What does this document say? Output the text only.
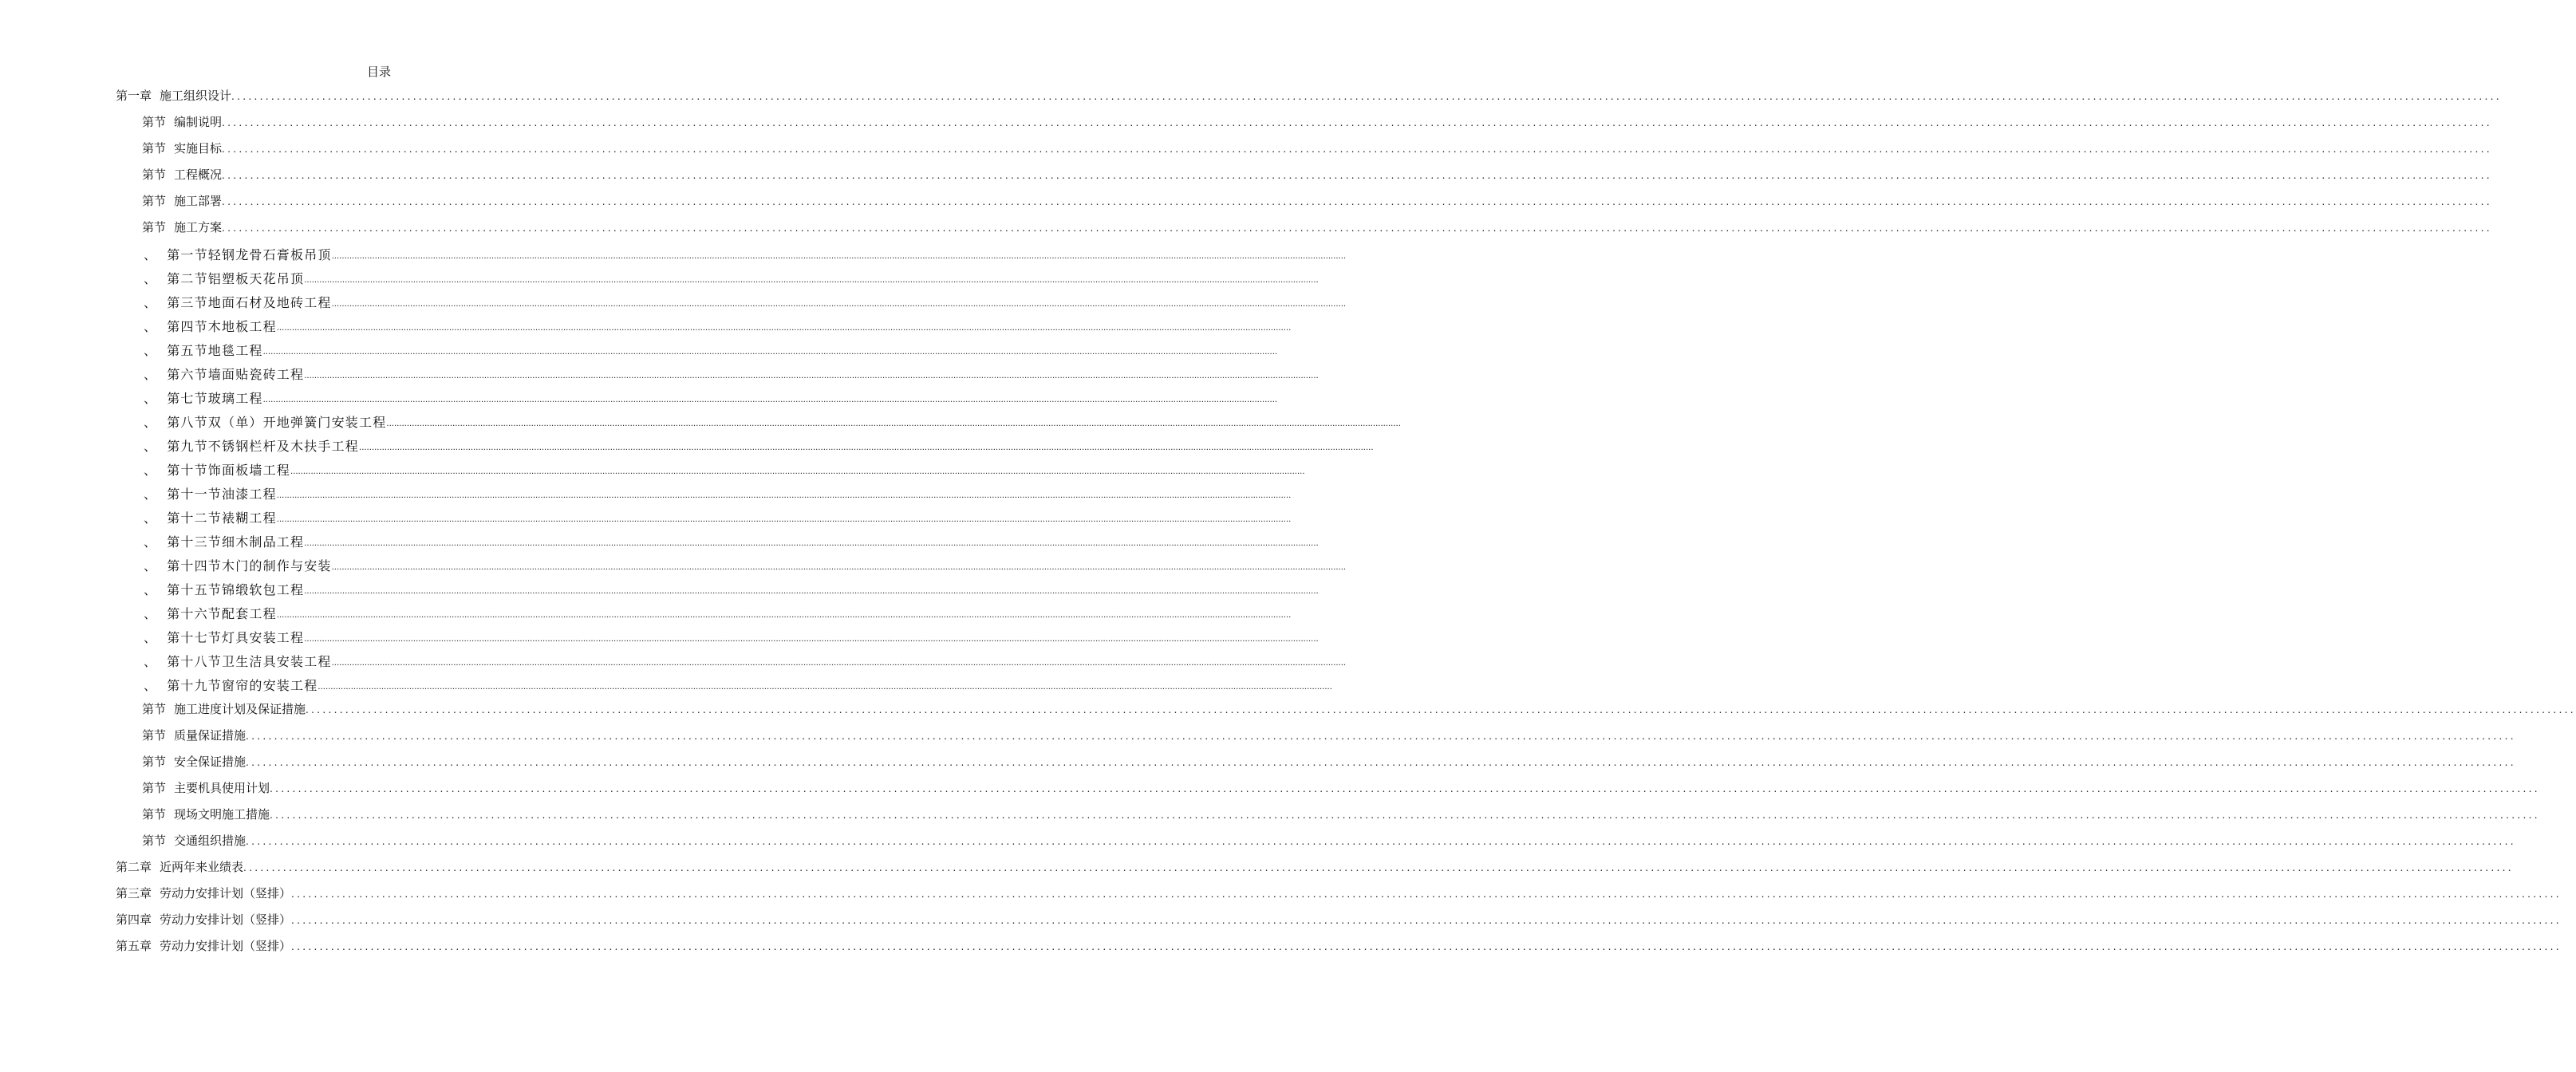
目录
第一章 施工组织设计 ................................................................................................................................................................................................................................................................................................................................................................................................................
第节 编制说明 ................................................................................................................................................................................................................................................................................................................................................................................................................
第节 实施目标 ................................................................................................................................................................................................................................................................................................................................................................................................................
第节 工程概况 ................................................................................................................................................................................................................................................................................................................................................................................................................
第节 施工部署 ................................................................................................................................................................................................................................................................................................................................................................................................................
第节 施工方案 ................................................................................................................................................................................................................................................................................................................................................................................................................
、 第一节轻钢龙骨石膏板吊顶 ................................................................................................................................................................................................................................................................................................................................................................................................................
、 第二节铝塑板天花吊顶 ................................................................................................................................................................................................................................................................................................................................................................................................................
、 第三节地面石材及地砖工程 ................................................................................................................................................................................................................................................................................................................................................................................................................
、 第四节木地板工程 ................................................................................................................................................................................................................................................................................................................................................................................................................
、 第五节地毯工程 ................................................................................................................................................................................................................................................................................................................................................................................................................
、 第六节墙面贴瓷砖工程 ................................................................................................................................................................................................................................................................................................................................................................................................................
、 第七节玻璃工程 ................................................................................................................................................................................................................................................................................................................................................................................................................
、 第八节双（单）开地弹簧门安装工程 ................................................................................................................................................................................................................................................................................................................................................................................................................
、 第九节不锈钢栏杆及木扶手工程 ................................................................................................................................................................................................................................................................................................................................................................................................................
、 第十节饰面板墙工程 ................................................................................................................................................................................................................................................................................................................................................................................................................
、 第十一节油漆工程 ................................................................................................................................................................................................................................................................................................................................................................................................................
、 第十二节裱糊工程 ................................................................................................................................................................................................................................................................................................................................................................................................................
、 第十三节细木制品工程 ................................................................................................................................................................................................................................................................................................................................................................................................................
、 第十四节木门的制作与安装 ................................................................................................................................................................................................................................................................................................................................................................................................................
、 第十五节锦缎软包工程 ................................................................................................................................................................................................................................................................................................................................................................................................................
、 第十六节配套工程 ................................................................................................................................................................................................................................................................................................................................................................................................................
、 第十七节灯具安装工程 ................................................................................................................................................................................................................................................................................................................................................................................................................
、 第十八节卫生洁具安装工程 ................................................................................................................................................................................................................................................................................................................................................................................................................
、 第十九节窗帘的安装工程 ................................................................................................................................................................................................................................................................................................................................................................................................................
第节 施工进度计划及保证措施 ................................................................................................................................................................................................................................................................................................................................................................................................................
第节 质量保证措施 ................................................................................................................................................................................................................................................................................................................................................................................................................
第节 安全保证措施 ................................................................................................................................................................................................................................................................................................................................................................................................................
第节 主要机具使用计划 ................................................................................................................................................................................................................................................................................................................................................................................................................
第节 现场文明施工措施 ................................................................................................................................................................................................................................................................................................................................................................................................................
第节 交通组织措施 ................................................................................................................................................................................................................................................................................................................................................................................................................
第二章 近两年来业绩表 ................................................................................................................................................................................................................................................................................................................................................................................................................
第三章 劳动力安排计划（竖排） ................................................................................................................................................................................................................................................................................................................................................................................................................
第四章 劳动力安排计划（竖排） ................................................................................................................................................................................................................................................................................................................................................................................................................
第五章 劳动力安排计划（竖排） ................................................................................................................................................................................................................................................................................................................................................................................................................
